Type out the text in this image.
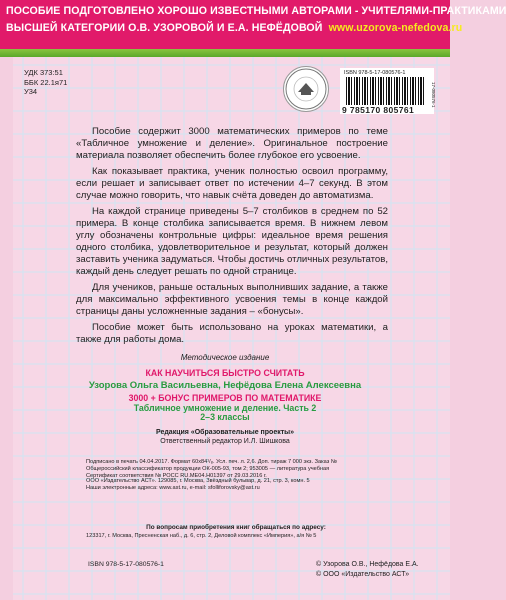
ПОСОБИЕ ПОДГОТОВЛЕНО ХОРОШО ИЗВЕСТНЫМИ АВТОРАМИ - УЧИТЕЛЯМИ-ПРАКТИКАМИ
ВЫСШЕЙ КАТЕГОРИИ О.В. УЗОРОВОЙ И Е.А. НЕФЁДОВОЙ www.uzorova-nefedova.ru
УДК 373:51
ББК 22.1я71
У34
ISBN 978-5-17-080576-1
9 785170 805761
17-080576-1

Пособие содержит 3000 математических примеров по теме «Табличное умножение и деление». Оригинальное построение материала позволяет обеспечить более глубокое его усвоение.

Как показывает практика, ученик полностью освоил программу, если решает и записывает ответ по истечении 4–7 секунд. В этом случае можно говорить, что навык счёта доведен до автоматизма.

На каждой странице приведены 5–7 столбиков в среднем по 52 примера. В конце столбика записывается время. В нижнем левом углу обозначены контрольные цифры: идеальное время решения одного столбика, удовлетворительное и результат, который должен заставить ученика задуматься. Чтобы достичь отличных результатов, каждый день следует решать по одной странице.

Для учеников, раньше остальных выполнивших задание, а также для максимально эффективного усвоения темы в конце каждой страницы даны усложненные задания – «бонусы».

Пособие может быть использовано на уроках математики, а также для работы дома.

Методическое издание
КАК НАУЧИТЬСЯ БЫСТРО СЧИТАТЬ
Узорова Ольга Васильевна, Нефёдова Елена Алексеевна
3000 + БОНУС ПРИМЕРОВ ПО МАТЕМАТИКЕ
Табличное умножение и деление. Часть 2
2–3 классы
Редакция «Образовательные проекты»
Ответственный редактор И.Л. Шишкова
Подписано в печать 04.04.2017. Формат 60x84¹/₈. Усл. печ. л. 2,6. Доп. тираж 7 000 экз. Заказ №
Общероссийский классификатор продукции ОК-005-93, том 2; 953005 — литература учебная
Сертификат соответствия № РОСС RU.МЕ04.Н01397 от 29.03.2016 г.
ООО «Издательство АСТ». 129085, г. Москва, Звёздный бульвар, д. 21, стр. 3, комн. 5
Наши электронные адреса: www.ast.ru, e-mail: sfolliforovsky@ast.ru
По вопросам приобретения книг обращаться по адресу:
123317, г. Москва, Пресненская наб., д. 6, стр. 2, Деловой комплекс «Империя», а/я № 5
ISBN 978-5-17-080576-1	© Узорова О.В., Нефёдова Е.А.
© ООО «Издательство АСТ»
